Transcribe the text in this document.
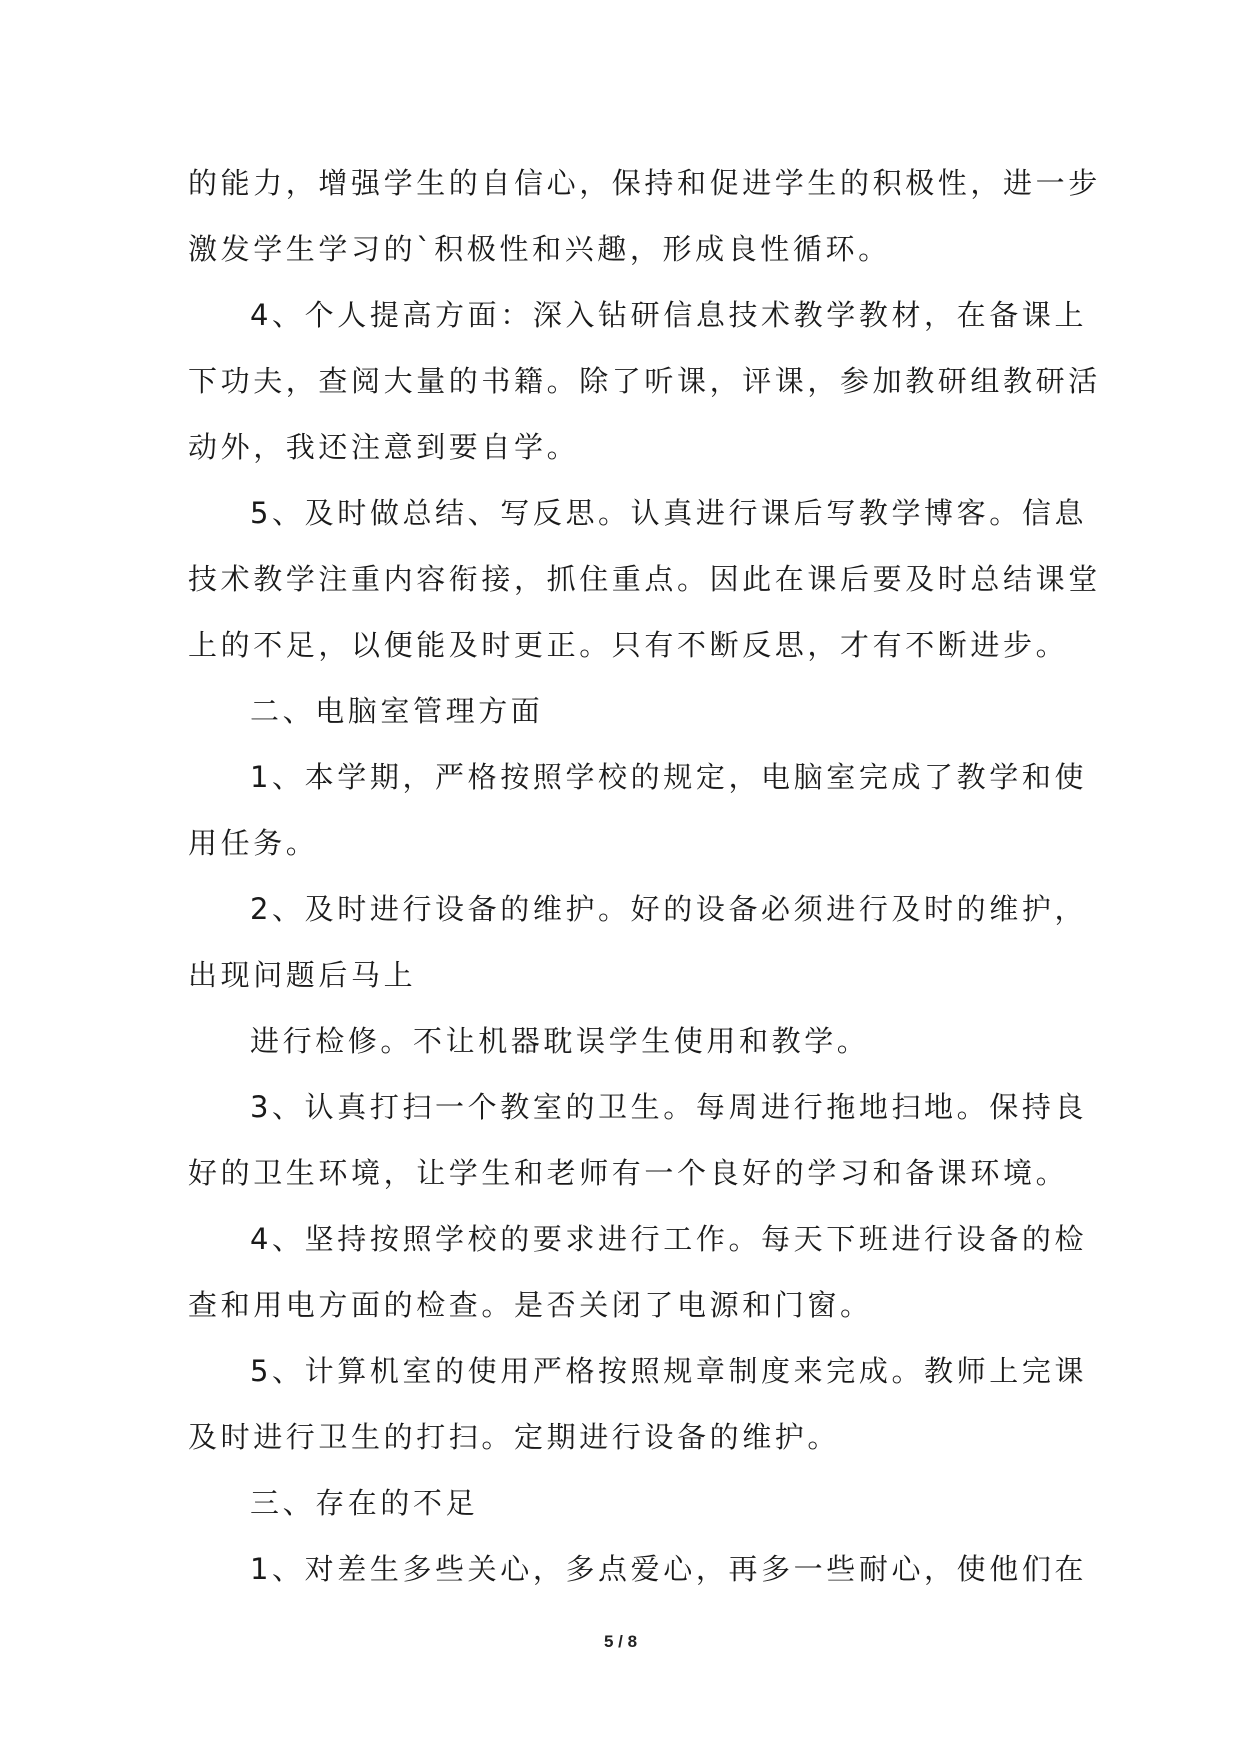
的能力，增强学生的自信心，保持和促进学生的积极性，进一步
激发学生学习的`积极性和兴趣，形成良性循环。
4、个人提高方面：深入钻研信息技术教学教材，在备课上
下功夫，查阅大量的书籍。除了听课，评课，参加教研组教研活
动外，我还注意到要自学。
5、及时做总结、写反思。认真进行课后写教学博客。信息
技术教学注重内容衔接，抓住重点。因此在课后要及时总结课堂
上的不足，以便能及时更正。只有不断反思，才有不断进步。
二、电脑室管理方面
1、本学期，严格按照学校的规定，电脑室完成了教学和使
用任务。
2、及时进行设备的维护。好的设备必须进行及时的维护，
出现问题后马上
进行检修。不让机器耽误学生使用和教学。
3、认真打扫一个教室的卫生。每周进行拖地扫地。保持良
好的卫生环境，让学生和老师有一个良好的学习和备课环境。
4、坚持按照学校的要求进行工作。每天下班进行设备的检
查和用电方面的检查。是否关闭了电源和门窗。
5、计算机室的使用严格按照规章制度来完成。教师上完课
及时进行卫生的打扫。定期进行设备的维护。
三、存在的不足
1、对差生多些关心，多点爱心，再多一些耐心，使他们在
5 / 8
